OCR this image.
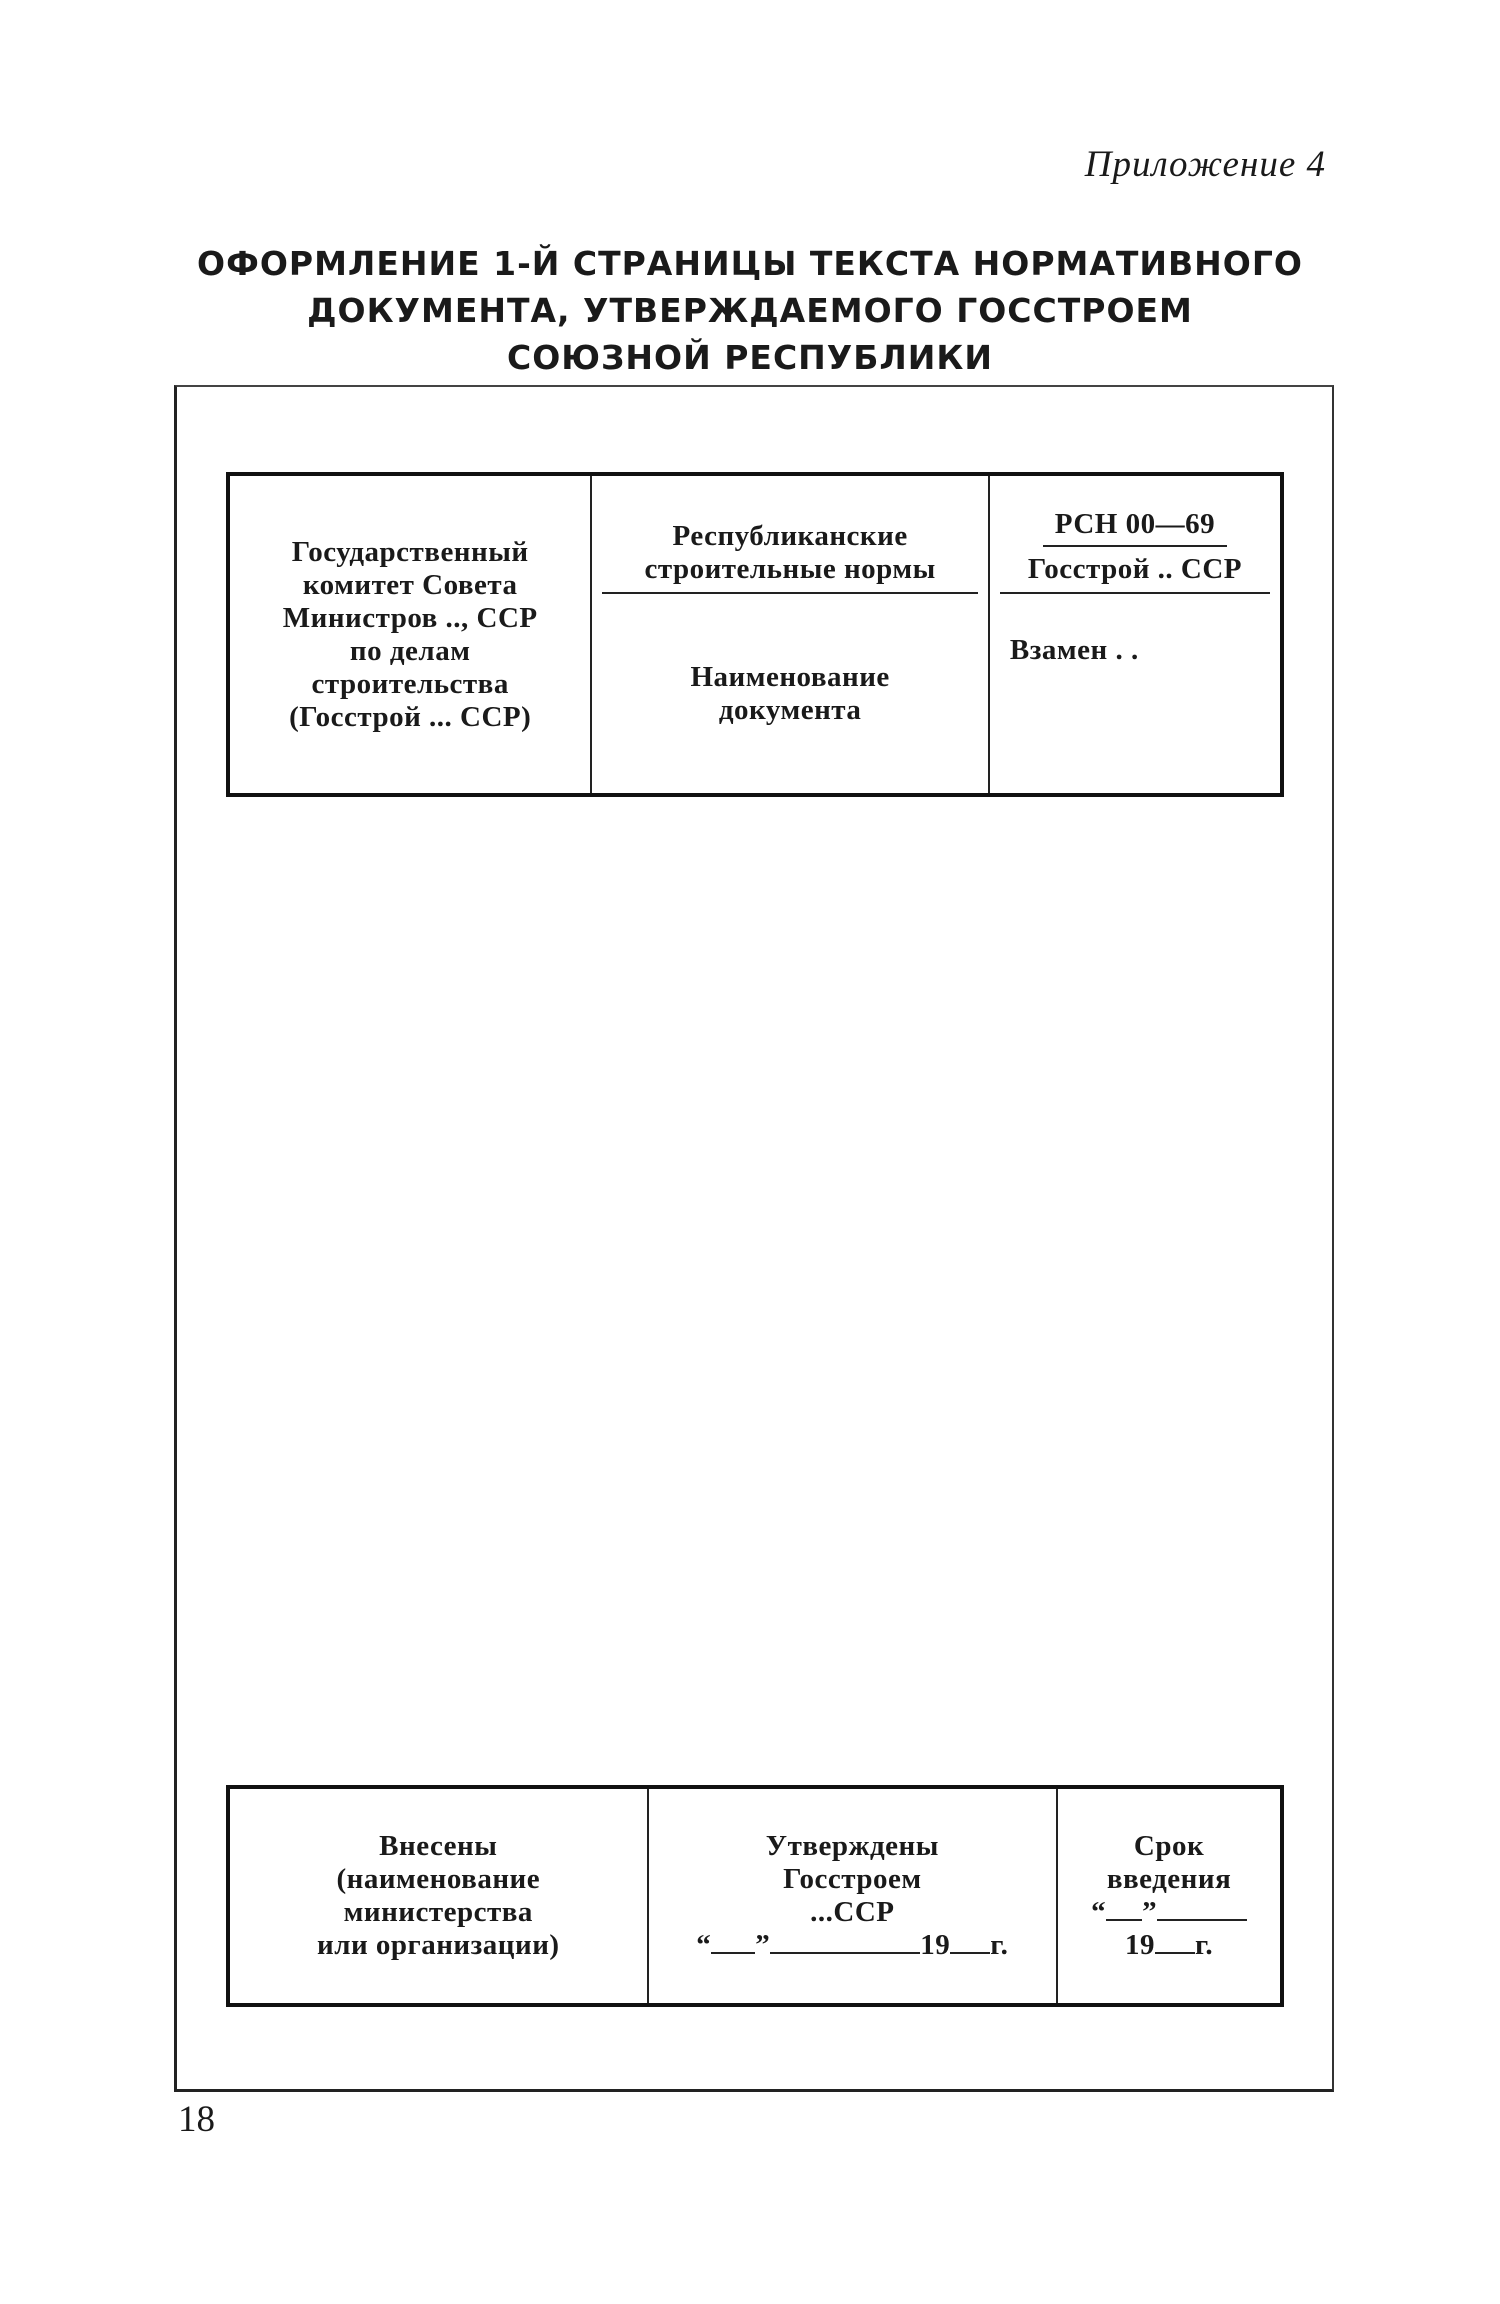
Приложение 4
ОФОРМЛЕНИЕ 1-Й СТРАНИЦЫ ТЕКСТА НОРМАТИВНОГО
ДОКУМЕНТА, УТВЕРЖДАЕМОГО ГОССТРОЕМ
СОЮЗНОЙ РЕСПУБЛИКИ
Государственный
комитет Совета
Министров .., ССР
по делам
строительства
(Госстрой ... ССР)

Республиканские
строительные нормы
Наименование
документа

РСН 00—69
Госстрой .. ССР
Взамен . .
Внесены
(наименование
министерства
или организации)

Утверждены
Госстроем
...ССР
“ ”	19 г.

Срок
введения
“ ”
19 г.
18
